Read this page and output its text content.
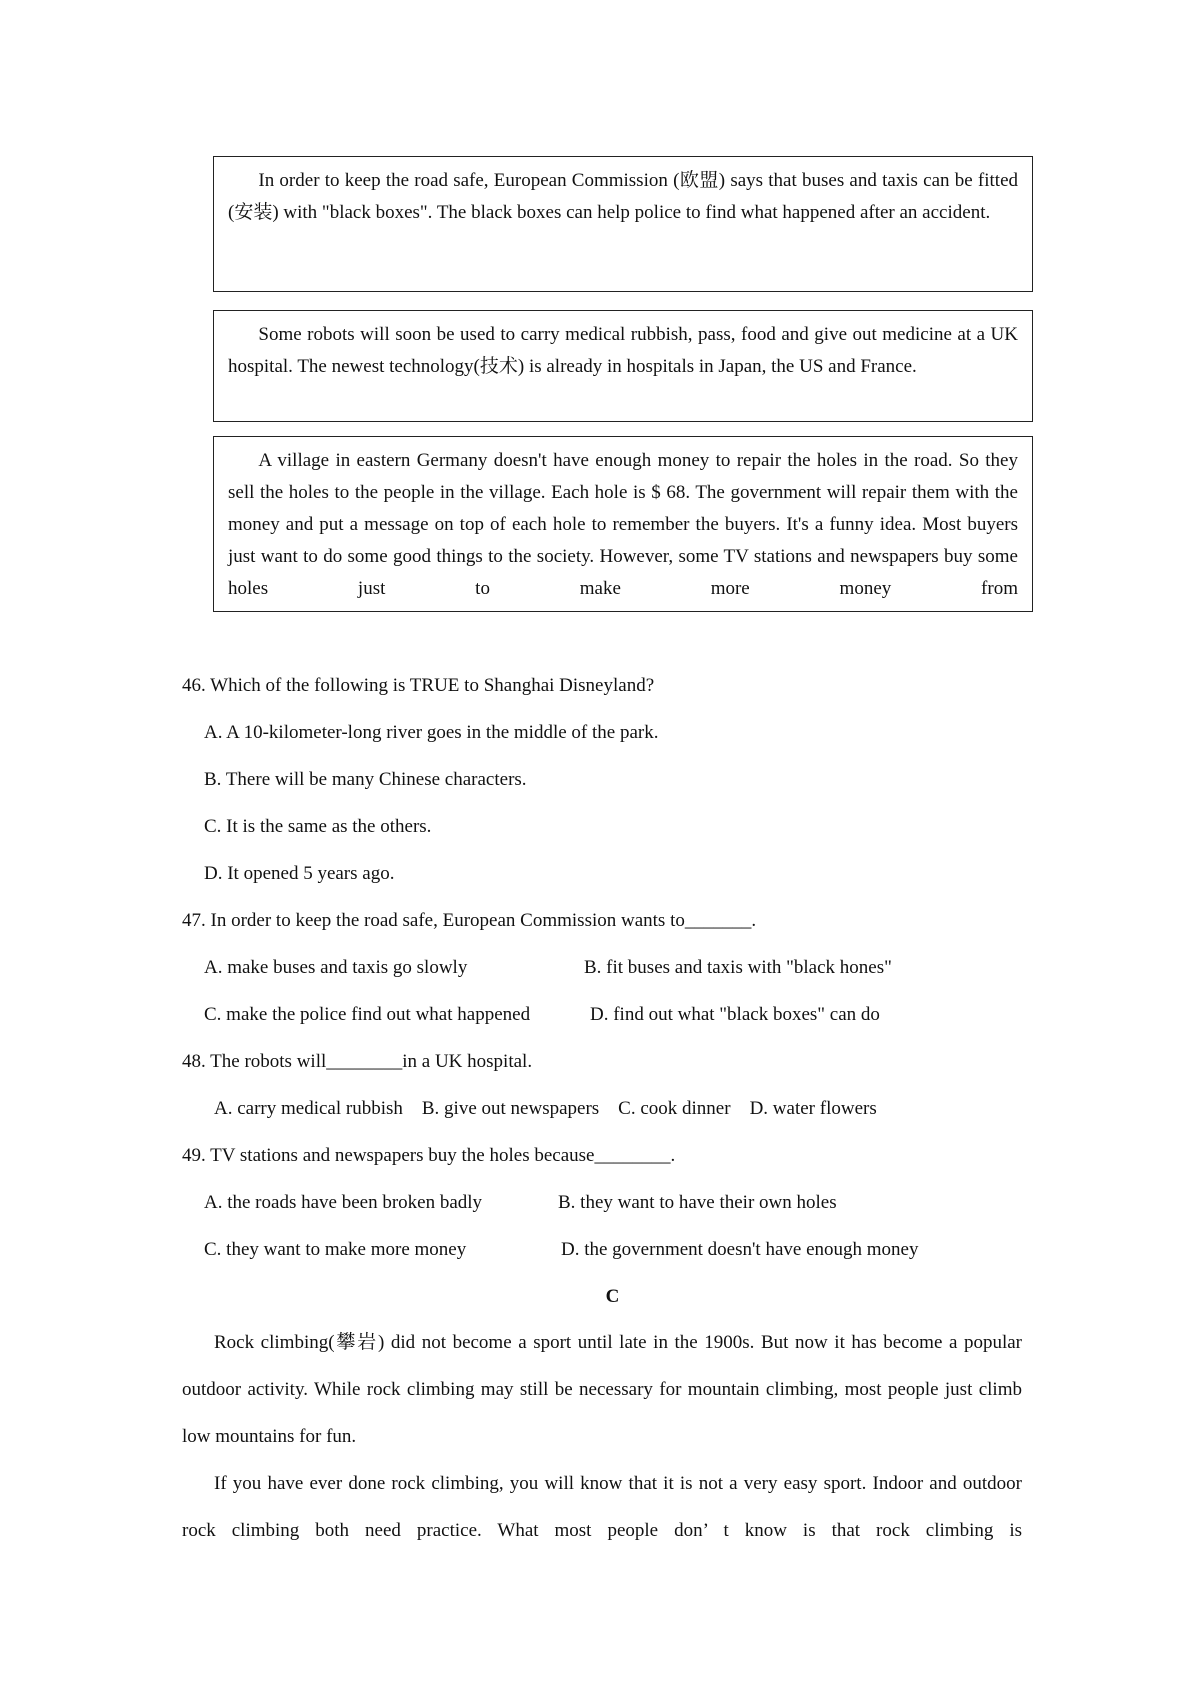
In order to keep the road safe, European Commission (欧盟) says that buses and taxis can be fitted (安装) with "black boxes". The black boxes can help police to find what happened after an accident.

Some robots will soon be used to carry medical rubbish, pass, food and give out medicine at a UK hospital. The newest technology(技术) is already in hospitals in Japan, the US and France.

A village in eastern Germany doesn't have enough money to repair the holes in the road. So they sell the holes to the people in the village. Each hole is $ 68. The government will repair them with the money and put a message on top of each hole to remember the buyers. It's a funny idea. Most buyers just want to do some good things to the society. However, some TV stations and newspapers buy some holes just to make more money from

46. Which of the following is TRUE to Shanghai Disneyland?
A. A 10-kilometer-long river goes in the middle of the park.
B. There will be many Chinese characters.
C. It is the same as the others.
D. It opened 5 years ago.
47. In order to keep the road safe, European Commission wants to_______.
A. make buses and taxis go slowly	B. fit buses and taxis with "black hones"
C. make the police find out what happened	D. find out what "black boxes" can do
48. The robots will________in a UK hospital.
A. carry medical rubbish    B. give out newspapers    C. cook dinner    D. water flowers
49. TV stations and newspapers buy the holes because________.
A. the roads have been broken badly	B. they want to have their own holes
C. they want to make more money	D. the government doesn't have enough money
C

Rock climbing(攀岩) did not become a sport until late in the 1900s. But now it has become a popular outdoor activity. While rock climbing may still be necessary for mountain climbing, most people just climb low mountains for fun.

If you have ever done rock climbing, you will know that it is not a very easy sport. Indoor and outdoor rock climbing both need practice. What most people don’ t know is that rock climbing is
